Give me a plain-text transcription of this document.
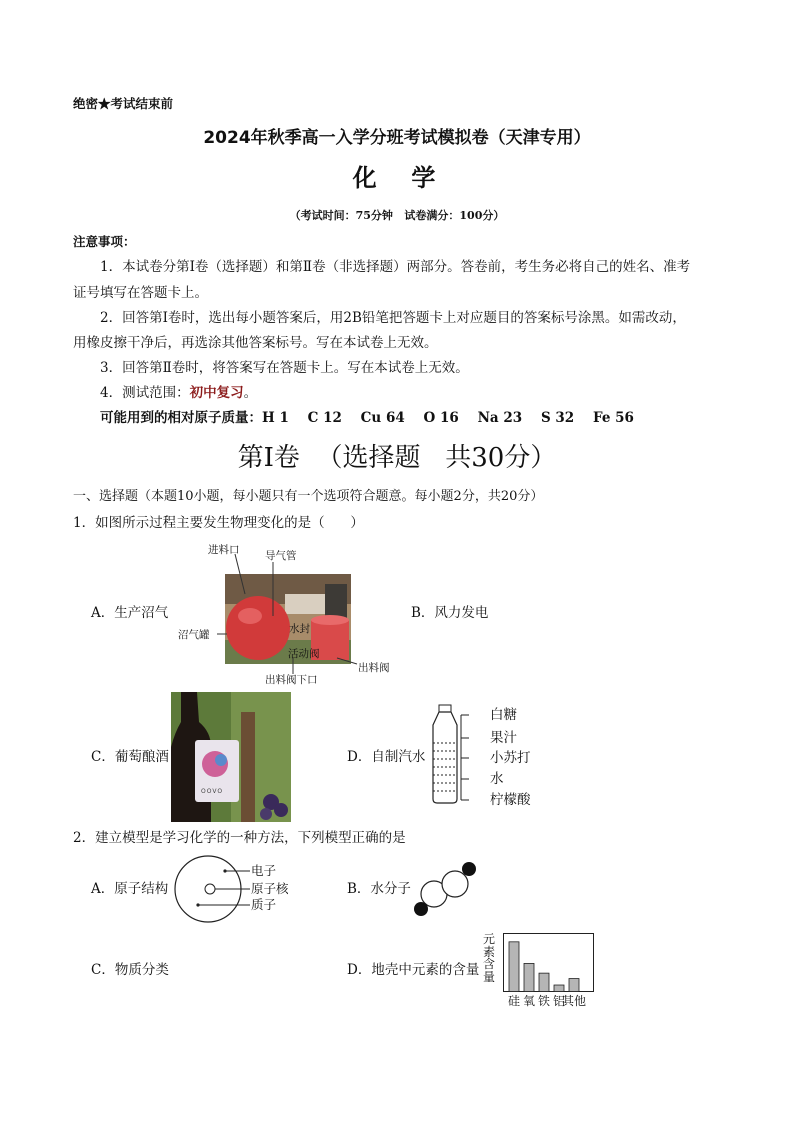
绝密★考试结束前
2024年秋季高一入学分班考试模拟卷（天津专用）
化  学
（考试时间：75分钟   试卷满分：100分）
注意事项：
1．本试卷分第Ⅰ卷（选择题）和第Ⅱ卷（非选择题）两部分。答卷前，考生务必将自己的姓名、准考
证号填写在答题卡上。
2．回答第Ⅰ卷时，选出每小题答案后，用2B铅笔把答题卡上对应题目的答案标号涂黑。如需改动，
用橡皮擦干净后，再选涂其他答案标号。写在本试卷上无效。
3．回答第Ⅱ卷时，将答案写在答题卡上。写在本试卷上无效。
4．测试范围：初中复习。
可能用到的相对原子质量：H 1    C 12    Cu 64    O 16    Na 23    S 32    Fe 56
第Ⅰ卷  （选择题   共30分）
一、选择题（本题10小题，每小题只有一个选项符合题意。每小题2分，共20分）
1．如图所示过程主要发生物理变化的是（      ）
A．生产沼气	B．风力发电
C．葡萄酿酒	D．自制汽水
进料口 导气管
沼气罐	水封
活动阀
出料阀
出料阀下口
OOVO
白糖
果汁
小苏打
水
柠檬酸
2．建立模型是学习化学的一种方法，下列模型正确的是
A．原子结构	B．水分子
C．物质分类	D．地壳中元素的含量
电子
原子核
质子
元素含量
硅 氧 铁 铝
其他
